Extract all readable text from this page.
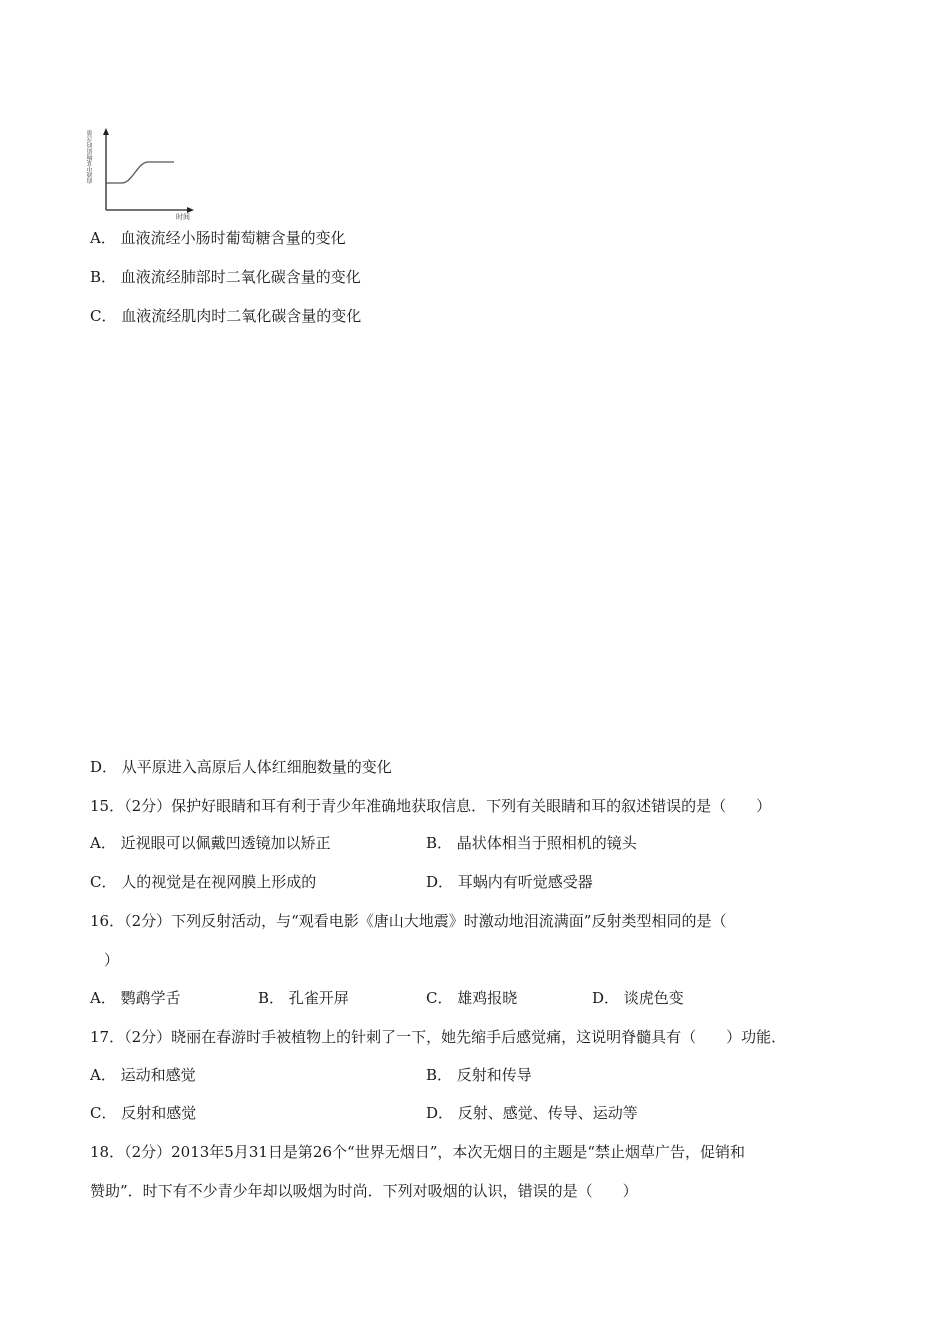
血液中某物质的含量
时间
A． 血液流经小肠时葡萄糖含量的变化
B． 血液流经肺部时二氧化碳含量的变化
C． 血液流经肌肉时二氧化碳含量的变化
D． 从平原进入高原后人体红细胞数量的变化
15．（2分）保护好眼睛和耳有利于青少年准确地获取信息．下列有关眼睛和耳的叙述错误的是（　　）
A． 近视眼可以佩戴凹透镜加以矫正	B． 晶状体相当于照相机的镜头
C． 人的视觉是在视网膜上形成的	D． 耳蜗内有听觉感受器
16．（2分）下列反射活动，与“观看电影《唐山大地震》时激动地泪流满面”反射类型相同的是（
）
A． 鹦鹉学舌	B． 孔雀开屏	C． 雄鸡报晓	D． 谈虎色变
17．（2分）晓丽在春游时手被植物上的针刺了一下，她先缩手后感觉痛，这说明脊髓具有（　　）功能．
A． 运动和感觉	B． 反射和传导
C． 反射和感觉	D． 反射、感觉、传导、运动等
18．（2分）2013年5月31日是第26个“世界无烟日”，本次无烟日的主题是“禁止烟草广告，促销和
赞助”．时下有不少青少年却以吸烟为时尚．下列对吸烟的认识，错误的是（　　）
